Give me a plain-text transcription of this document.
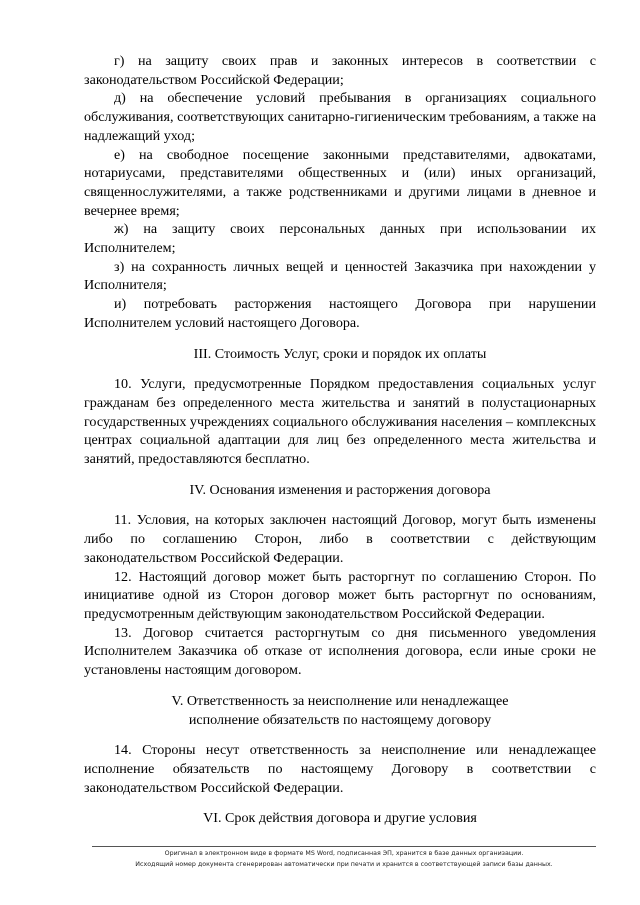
г) на защиту своих прав и законных интересов в соответствии с законодательством Российской Федерации;

д) на обеспечение условий пребывания в организациях социального обслуживания, соответствующих санитарно-гигиеническим требованиям, а также на надлежащий уход;

е) на свободное посещение законными представителями, адвокатами, нотариусами, представителями общественных и (или) иных организаций, священнослужителями, а также родственниками и другими лицами в дневное и вечернее время;

ж) на защиту своих персональных данных при использовании их Исполнителем;

з) на сохранность личных вещей и ценностей Заказчика при нахождении у Исполнителя;

и) потребовать расторжения настоящего Договора при нарушении Исполнителем условий настоящего Договора.

III. Стоимость Услуг, сроки и порядок их оплаты

10. Услуги, предусмотренные Порядком предоставления социальных услуг гражданам без определенного места жительства и занятий в полустационарных государственных учреждениях социального обслуживания населения – комплексных центрах социальной адаптации для лиц без определенного места жительства и занятий, предоставляются бесплатно.

IV. Основания изменения и расторжения договора

11. Условия, на которых заключен настоящий Договор, могут быть изменены либо по соглашению Сторон, либо в соответствии с действующим законодательством Российской Федерации.

12. Настоящий договор может быть расторгнут по соглашению Сторон. По инициативе одной из Сторон договор может быть расторгнут по основаниям, предусмотренным действующим законодательством Российской Федерации.

13. Договор считается расторгнутым со дня письменного уведомления Исполнителем Заказчика об отказе от исполнения договора, если иные сроки не установлены настоящим договором.

V. Ответственность за неисполнение или ненадлежащее
исполнение обязательств по настоящему договору

14. Стороны несут ответственность за неисполнение или ненадлежащее исполнение обязательств по настоящему Договору в соответствии с законодательством Российской Федерации.

VI. Срок действия договора и другие условия
Оригинал в электронном виде в формате MS Word, подписанная ЭП, хранится в базе данных организации.
Исходящий номер документа сгенерирован автоматически при печати и хранится в соответствующей записи базы данных.
